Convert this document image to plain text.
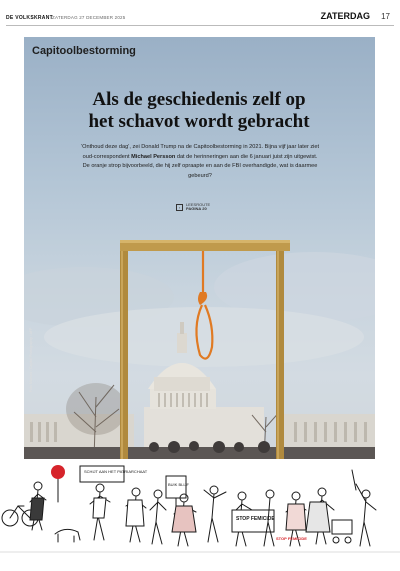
DE VOLKSKRANT ZATERDAG 27 DECEMBER 2025	ZATERDAG 17
Capitoolbestorming
Als de geschiedenis zelf op
het schavot wordt gebracht
‘Onthoud deze dag’, zei Donald Trump na de Capitoolbestorming in 2021. Bijna vijf jaar later ziet oud-correspondent Michael Persson dat de herinneringen aan die 6 januari juist zijn uitgewist. De oranje strop bijvoorbeeld, die hij zelf opraapte en aan de FBI overhandigde, wat is daarmee gebeurd?
›
LEESROUTE
PAGINA 20
Foto Mathias / Capitol Photography / AFP
SCHIJT AAN HET PATRIARCHAAT
BUIK BLIJF
STOP FEMICIDE
STOP FEMICIDE
